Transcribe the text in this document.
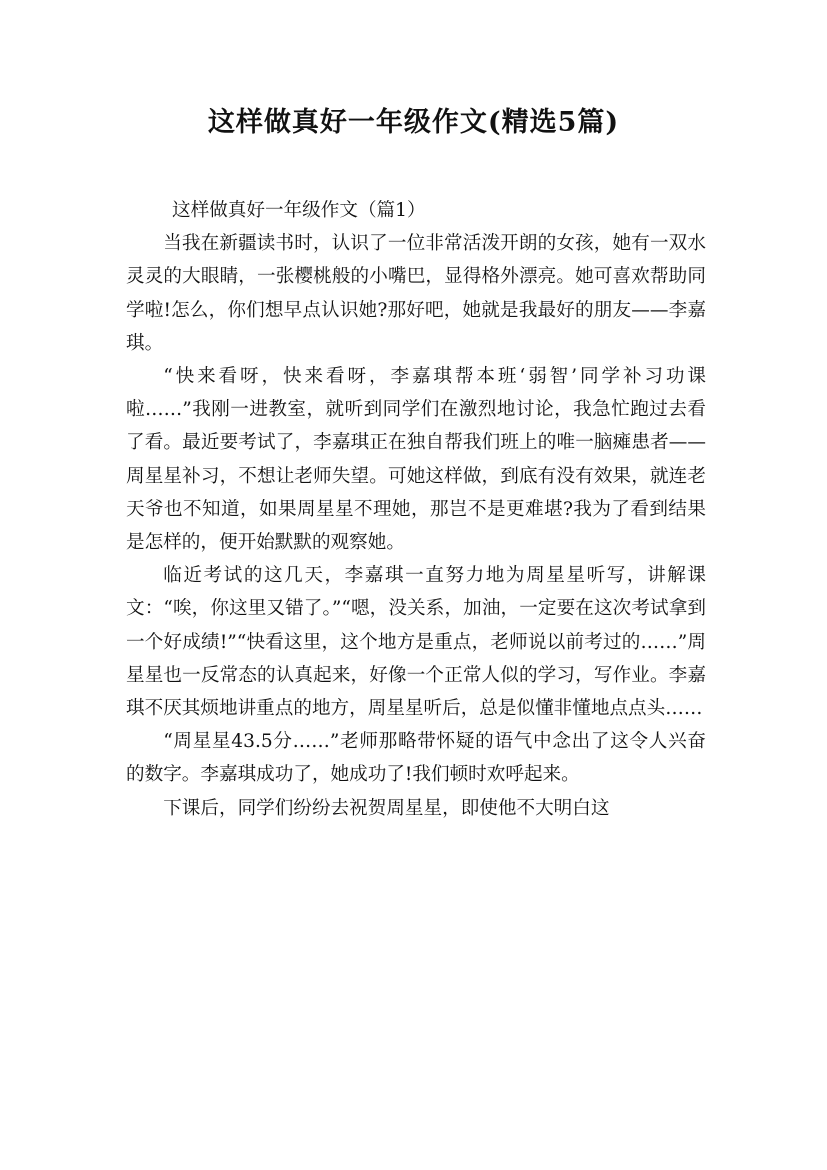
这样做真好一年级作文(精选5篇)

这样做真好一年级作文（篇1）

当我在新疆读书时，认识了一位非常活泼开朗的女孩，她有一双水灵灵的大眼睛，一张樱桃般的小嘴巴，显得格外漂亮。她可喜欢帮助同学啦!怎么，你们想早点认识她?那好吧，她就是我最好的朋友——李嘉琪。

“快来看呀，快来看呀，李嘉琪帮本班‘弱智’同学补习功课啦……”我刚一进教室，就听到同学们在激烈地讨论，我急忙跑过去看了看。最近要考试了，李嘉琪正在独自帮我们班上的唯一脑瘫患者——周星星补习，不想让老师失望。可她这样做，到底有没有效果，就连老天爷也不知道，如果周星星不理她，那岂不是更难堪?我为了看到结果是怎样的，便开始默默的观察她。

临近考试的这几天，李嘉琪一直努力地为周星星听写，讲解课文：“唉，你这里又错了。”“嗯，没关系，加油，一定要在这次考试拿到一个好成绩!”“快看这里，这个地方是重点，老师说以前考过的……”周星星也一反常态的认真起来，好像一个正常人似的学习，写作业。李嘉琪不厌其烦地讲重点的地方，周星星听后，总是似懂非懂地点点头……

“周星星43.5分……”老师那略带怀疑的语气中念出了这令人兴奋的数字。李嘉琪成功了，她成功了!我们顿时欢呼起来。

下课后，同学们纷纷去祝贺周星星，即使他不大明白这
